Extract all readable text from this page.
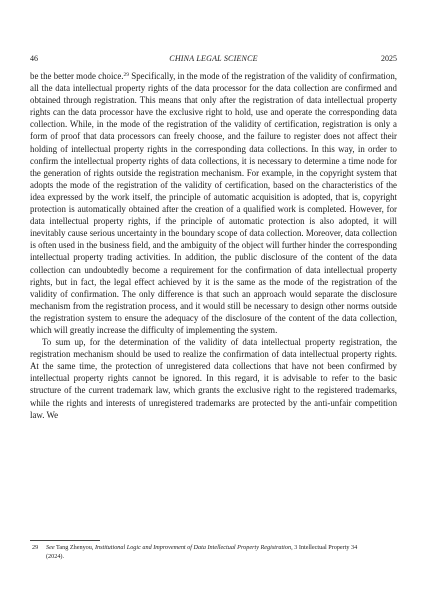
46	CHINA LEGAL SCIENCE	2025

be the better mode choice.$^{29}$ Specifically, in the mode of the registration of the validity of confirmation, all the data intellectual property rights of the data processor for the data collection are confirmed and obtained through registration. This means that only after the registration of data intellectual property rights can the data processor have the exclusive right to hold, use and operate the corresponding data collection. While, in the mode of the registration of the validity of certification, registration is only a form of proof that data processors can freely choose, and the failure to register does not affect their holding of intellectual property rights in the corresponding data collections. In this way, in order to confirm the intellectual property rights of data collections, it is necessary to determine a time node for the generation of rights outside the registration mechanism. For example, in the copyright system that adopts the mode of the registration of the validity of certification, based on the characteristics of the idea expressed by the work itself, the principle of automatic acquisition is adopted, that is, copyright protection is automatically obtained after the creation of a qualified work is completed. However, for data intellectual property rights, if the principle of automatic protection is also adopted, it will inevitably cause serious uncertainty in the boundary scope of data collection. Moreover, data collection is often used in the business field, and the ambiguity of the object will further hinder the corresponding intellectual property trading activities. In addition, the public disclosure of the content of the data collection can undoubtedly become a requirement for the confirmation of data intellectual property rights, but in fact, the legal effect achieved by it is the same as the mode of the registration of the validity of confirmation. The only difference is that such an approach would separate the disclosure mechanism from the registration process, and it would still be necessary to design other norms outside the registration system to ensure the adequacy of the disclosure of the content of the data collection, which will greatly increase the difficulty of implementing the system.

To sum up, for the determination of the validity of data intellectual property registration, the registration mechanism should be used to realize the confirmation of data intellectual property rights. At the same time, the protection of unregistered data collections that have not been confirmed by intellectual property rights cannot be ignored. In this regard, it is advisable to refer to the basic structure of the current trademark law, which grants the exclusive right to the registered trademarks, while the rights and interests of unregistered trademarks are protected by the anti-unfair competition law. We

29 See Tang Zhenyou, Institutional Logic and Improvement of Data Intellectual Property Registration, 3 Intellectual Property 34
(2024).
